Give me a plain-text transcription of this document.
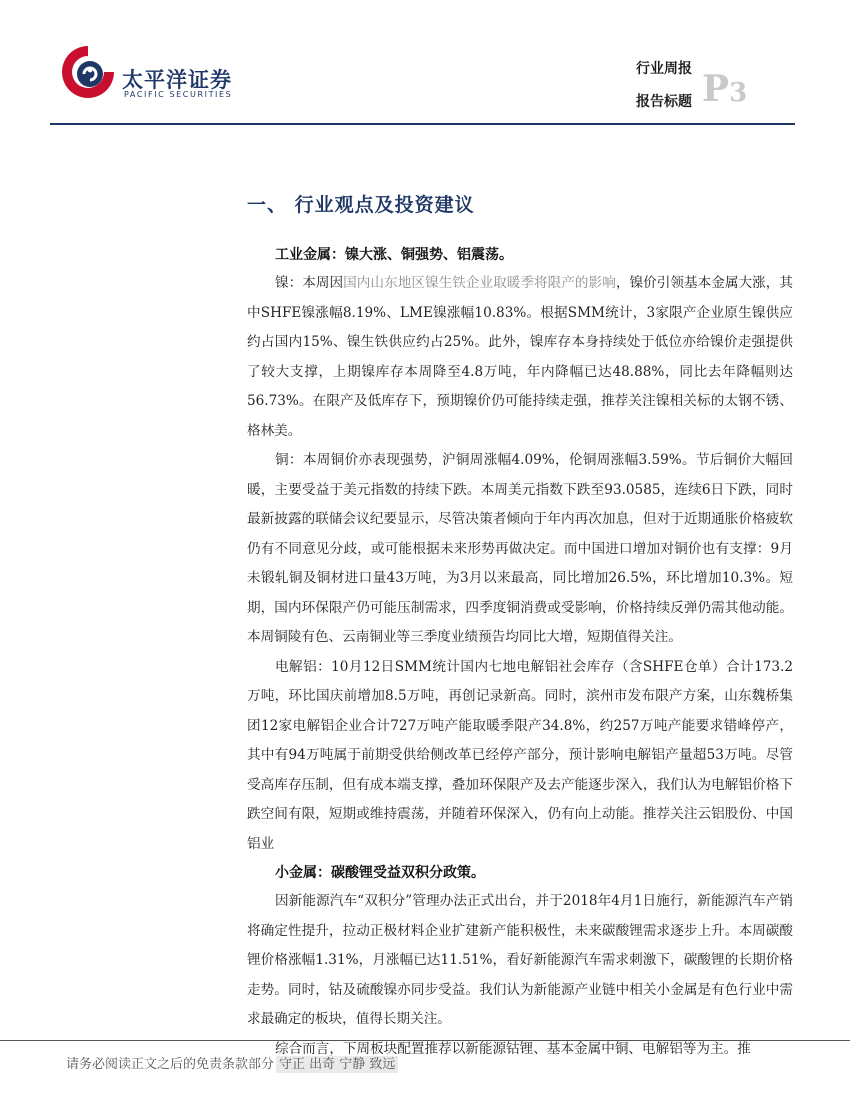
太平洋证券
PACIFIC SECURITIES
行业周报
报告标题 P3
一、 行业观点及投资建议

工业金属：镍大涨、铜强势、铝震荡。

镍：本周因国内山东地区镍生铁企业取暖季将限产的影响，镍价引领基本金属大涨，其中SHFE镍涨幅8.19%、LME镍涨幅10.83%。根据SMM统计，3家限产企业原生镍供应约占国内15%、镍生铁供应约占25%。此外，镍库存本身持续处于低位亦给镍价走强提供了较大支撑，上期镍库存本周降至4.8万吨，年内降幅已达48.88%，同比去年降幅则达56.73%。在限产及低库存下，预期镍价仍可能持续走强，推荐关注镍相关标的太钢不锈、格林美。

铜：本周铜价亦表现强势，沪铜周涨幅4.09%，伦铜周涨幅3.59%。节后铜价大幅回暖，主要受益于美元指数的持续下跌。本周美元指数下跌至93.0585，连续6日下跌，同时最新披露的联储会议纪要显示，尽管决策者倾向于年内再次加息，但对于近期通胀价格疲软仍有不同意见分歧，或可能根据未来形势再做决定。而中国进口增加对铜价也有支撑：9月未锻轧铜及铜材进口量43万吨，为3月以来最高，同比增加26.5%，环比增加10.3%。短期，国内环保限产仍可能压制需求，四季度铜消费或受影响，价格持续反弹仍需其他动能。本周铜陵有色、云南铜业等三季度业绩预告均同比大增，短期值得关注。

电解铝：10月12日SMM统计国内七地电解铝社会库存（含SHFE仓单）合计173.2万吨，环比国庆前增加8.5万吨，再创记录新高。同时，滨州市发布限产方案，山东魏桥集团12家电解铝企业合计727万吨产能取暖季限产34.8%，约257万吨产能要求错峰停产，其中有94万吨属于前期受供给侧改革已经停产部分，预计影响电解铝产量超53万吨。尽管受高库存压制，但有成本端支撑，叠加环保限产及去产能逐步深入，我们认为电解铝价格下跌空间有限，短期或维持震荡，并随着环保深入，仍有向上动能。推荐关注云铝股份、中国铝业

小金属：碳酸锂受益双积分政策。

因新能源汽车“双积分”管理办法正式出台，并于2018年4月1日施行，新能源汽车产销将确定性提升，拉动正极材料企业扩建新产能积极性，未来碳酸锂需求逐步上升。本周碳酸锂价格涨幅1.31%，月涨幅已达11.51%，看好新能源汽车需求刺激下，碳酸锂的长期价格走势。同时，钴及硫酸镍亦同步受益。我们认为新能源产业链中相关小金属是有色行业中需求最确定的板块，值得长期关注。

综合而言，下周板块配置推荐以新能源钴锂、基本金属中铜、电解铝等为主。推

请务必阅读正文之后的免责条款部分 守正 出奇 宁静 致远
